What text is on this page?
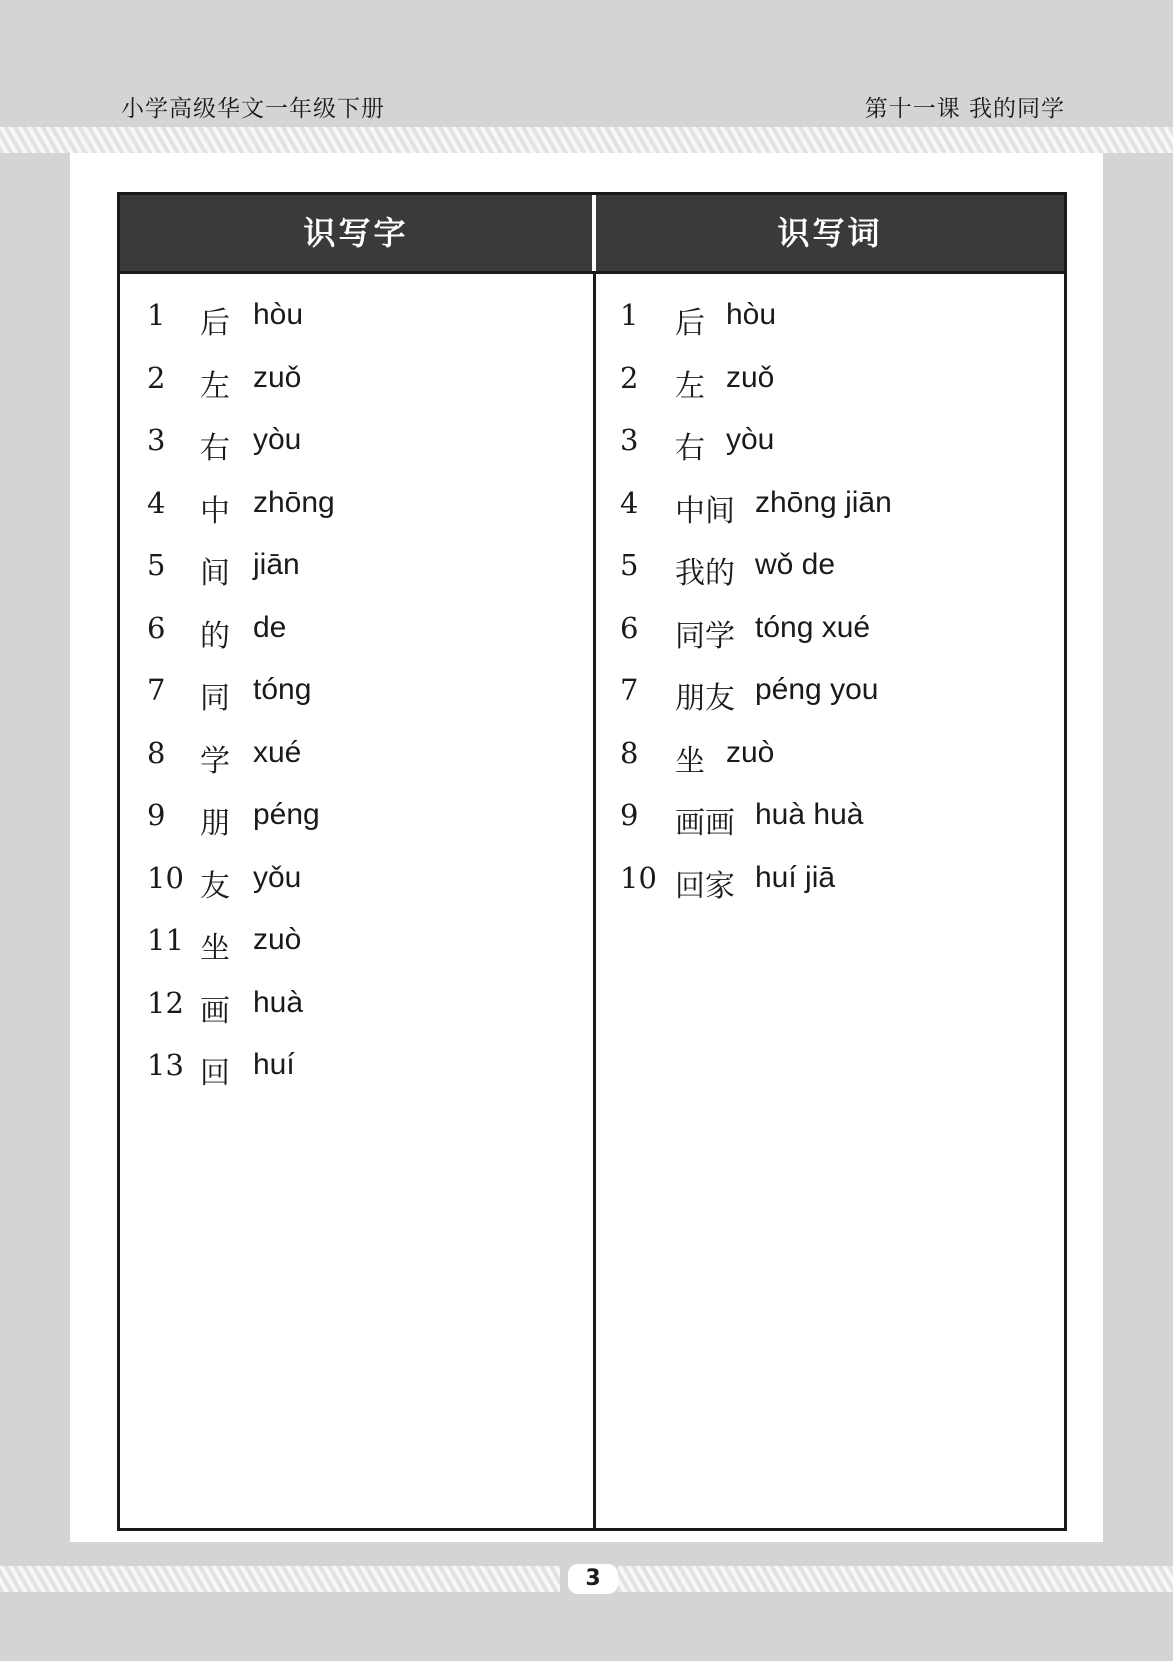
小学高级华文一年级下册	第十一课 我的同学
识写字	识写词
1 后 hòu
2 左 zuǒ
3 右 yòu
4 中 zhōng
5 间 jiān
6 的 de
7 同 tóng
8 学 xué
9 朋 péng
10 友 yǒu
11 坐 zuò
12 画 huà
13 回 huí
1 后 hòu
2 左 zuǒ
3 右 yòu
4 中间 zhōng jiān
5 我的 wǒ de
6 同学 tóng xué
7 朋友 péng you
8 坐 zuò
9 画画 huà huà
10 回家 huí jiā
3
